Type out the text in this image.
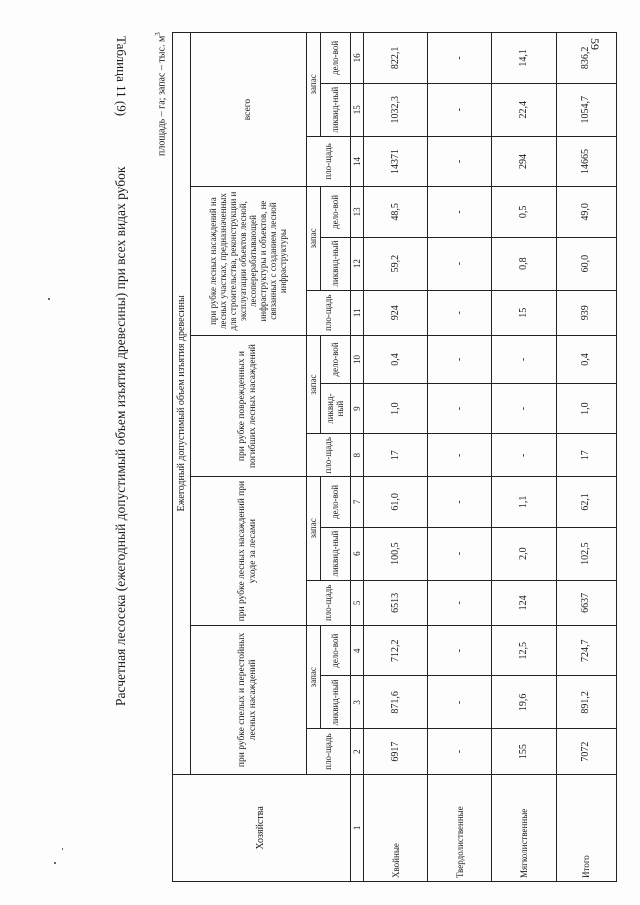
59
Таблица 11 (9)
Расчетная лесосека (ежегодный допустимый объем изъятия древесины) при всех видах рубок
площадь – га; запас – тыс. $м^3$
Хозяйства	Ежегодный допустимый объем изъятия древесины														
	при рубке спелых и перестойных лесных насаждений			при рубке лесных насаждений при уходе за лесами			при рубке поврежденных и погибших лесных насаждений			при рубке лесных насаждений на лесных участках, предназначенных для строительства, реконструкции и эксплуатации объектов лесной, лесоперерабатывающей инфраструктуры и объектов, не связанных с созданием лесной инфраструктуры			всего		
	пло-щадь	запас		пло-щадь	запас		пло-щадь	запас		пло-щадь	запас		пло-щадь	запас	
		ликвид-ный	дело-вой		ликвид-ный	дело-вой		ликвид-ный	дело-вой		ликвид-ный	дело-вой		ликвид-ный	дело-вой
1	2	3	4	5	6	7	8	9	10	11	12	13	14	15	16
Хвойные	6917	871,6	712,2	6513	100,5	61,0	17	1,0	0,4	924	59,2	48,5	14371	1032,3	822,1
Твердолиственные	-	-	-	-	-	-	-	-	-	-	-	-	-	-	-
Мягколиственные	155	19,6	12,5	124	2,0	1,1	-	-	-	15	0,8	0,5	294	22,4	14,1
Итого	7072	891,2	724,7	6637	102,5	62,1	17	1,0	0,4	939	60,0	49,0	14665	1054,7	836,2
